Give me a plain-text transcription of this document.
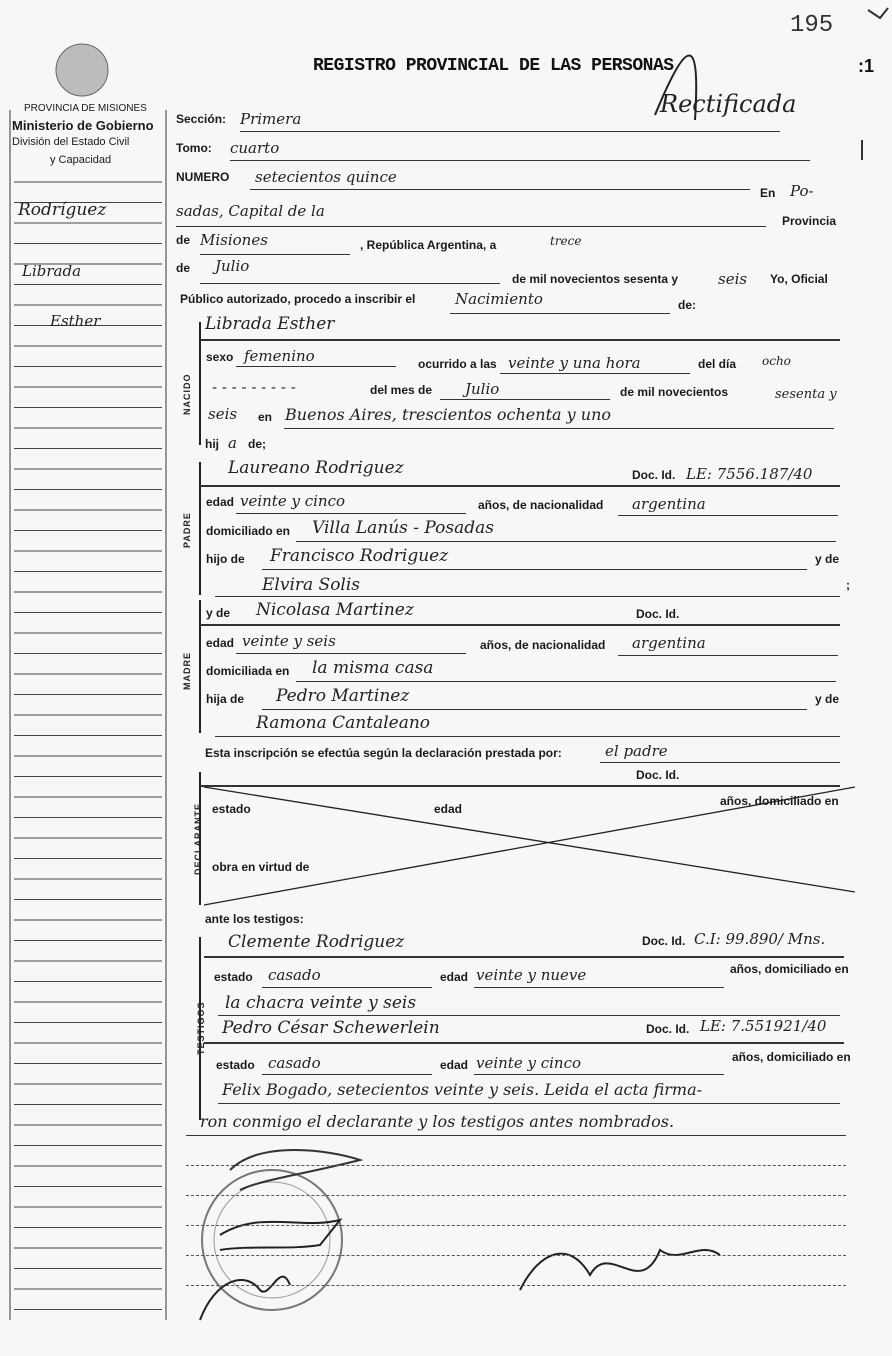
195
:1
REGISTRO PROVINCIAL DE LAS PERSONAS
Rectificada
PROVINCIA DE MISIONES
Ministerio de Gobierno
División del Estado Civil
y Capacidad
Rodríguez
Librada
Esther
Sección: Primera
Tomo: cuarto
NUMERO setecientos quince
En Po-
sadas, Capital de la
Provincia
de Misiones	, República Argentina, a	trece
de Julio
de mil novecientos sesenta y	seis Yo, Oficial
Público autorizado, procedo a inscribir el	Nacimiento	de:
NACIDO
Librada Esther
sexo femenino	ocurrido a las veinte y una hora	del día ocho
- - - - - - - - -	del mes de Julio	de mil novecientos	sesenta y
seis en Buenos Aires, trescientos ochenta y uno
hij a de;
PADRE
Laureano Rodriguez	Doc. Id. LE: 7556.187/40
edad veinte y cinco	años, de nacionalidad argentina
domiciliado en Villa Lanús - Posadas
hijo de Francisco Rodriguez	y de
Elvira Solis	;
MADRE
y de Nicolasa Martinez	Doc. Id.
edad veinte y seis	años, de nacionalidad argentina
domiciliada en la misma casa
hija de Pedro Martinez	y de
Ramona Cantaleano
Esta inscripción se efectúa según la declaración prestada por:	el padre
Doc. Id.
DECLARANTE estado	edad
años, domiciliado en
obra en virtud de
ante los testigos:
TESTIGOS
Clemente Rodriguez	Doc. Id. C.I: 99.890/ Mns.
estado casado	edad veinte y nueve	años, domiciliado en
la chacra veinte y seis
Pedro César Schewerlein	Doc. Id. LE: 7.551921/40
estado casado	edad veinte y cinco	años, domiciliado en
Felix Bogado, setecientos veinte y seis. Leida el acta firma-
ron conmigo el declarante y los testigos antes nombrados.
